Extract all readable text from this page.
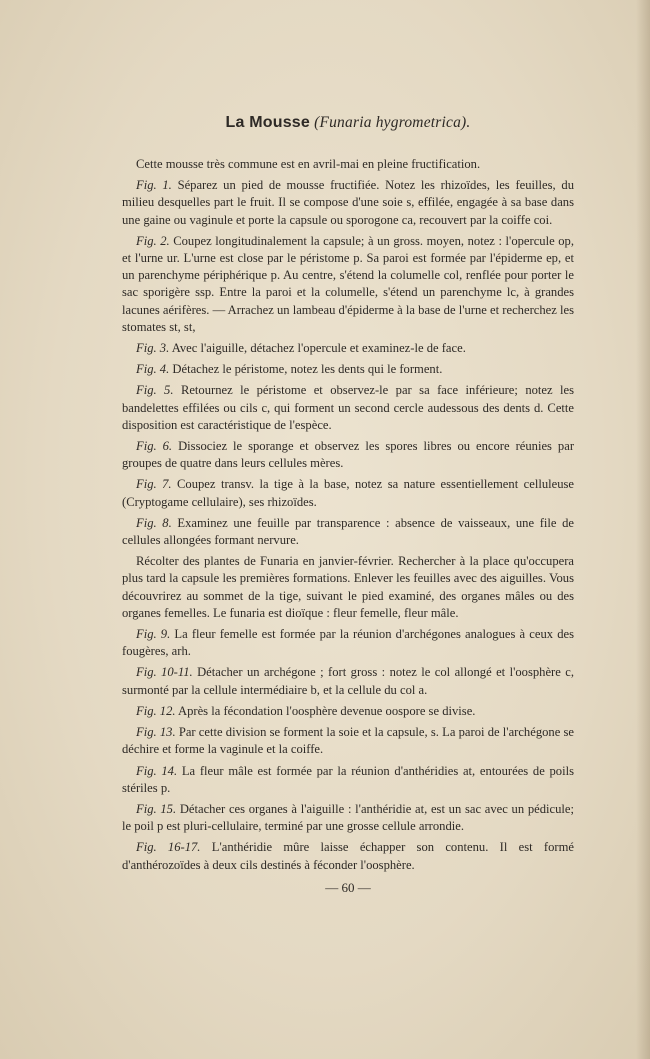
La Mousse (Funaria hygrometrica).

Cette mousse très commune est en avril-mai en pleine fructification.

Fig. 1. Séparez un pied de mousse fructifiée. Notez les rhizoïdes, les feuilles, du milieu desquelles part le fruit. Il se compose d'une soie s, effilée, engagée à sa base dans une gaine ou vaginule et porte la capsule ou sporogone ca, recouvert par la coiffe coi.

Fig. 2. Coupez longitudinalement la capsule; à un gross. moyen, notez : l'opercule op, et l'urne ur. L'urne est close par le péristome p. Sa paroi est formée par l'épiderme ep, et un parenchyme périphérique p. Au centre, s'étend la columelle col, renflée pour porter le sac sporigère ssp. Entre la paroi et la columelle, s'étend un parenchyme lc, à grandes lacunes aérifères. — Arrachez un lambeau d'épiderme à la base de l'urne et recherchez les stomates st, st,

Fig. 3. Avec l'aiguille, détachez l'opercule et examinez-le de face.

Fig. 4. Détachez le péristome, notez les dents qui le forment.

Fig. 5. Retournez le péristome et observez-le par sa face inférieure; notez les bandelettes effilées ou cils c, qui forment un second cercle audessous des dents d. Cette disposition est caractéristique de l'espèce.

Fig. 6. Dissociez le sporange et observez les spores libres ou encore réunies par groupes de quatre dans leurs cellules mères.

Fig. 7. Coupez transv. la tige à la base, notez sa nature essentiellement celluleuse (Cryptogame cellulaire), ses rhizoïdes.

Fig. 8. Examinez une feuille par transparence : absence de vaisseaux, une file de cellules allongées formant nervure.

Récolter des plantes de Funaria en janvier-février. Rechercher à la place qu'occupera plus tard la capsule les premières formations. Enlever les feuilles avec des aiguilles. Vous découvrirez au sommet de la tige, suivant le pied examiné, des organes mâles ou des organes femelles. Le funaria est dioïque : fleur femelle, fleur mâle.

Fig. 9. La fleur femelle est formée par la réunion d'archégones analogues à ceux des fougères, arh.

Fig. 10-11. Détacher un archégone ; fort gross : notez le col allongé et l'oosphère c, surmonté par la cellule intermédiaire b, et la cellule du col a.

Fig. 12. Après la fécondation l'oosphère devenue oospore se divise.

Fig. 13. Par cette division se forment la soie et la capsule, s. La paroi de l'archégone se déchire et forme la vaginule et la coiffe.

Fig. 14. La fleur mâle est formée par la réunion d'anthéridies at, entourées de poils stériles p.

Fig. 15. Détacher ces organes à l'aiguille : l'anthéridie at, est un sac avec un pédicule; le poil p est pluri-cellulaire, terminé par une grosse cellule arrondie.

Fig. 16-17. L'anthéridie mûre laisse échapper son contenu. Il est formé d'anthérozoïdes à deux cils destinés à féconder l'oosphère.

— 60 —
